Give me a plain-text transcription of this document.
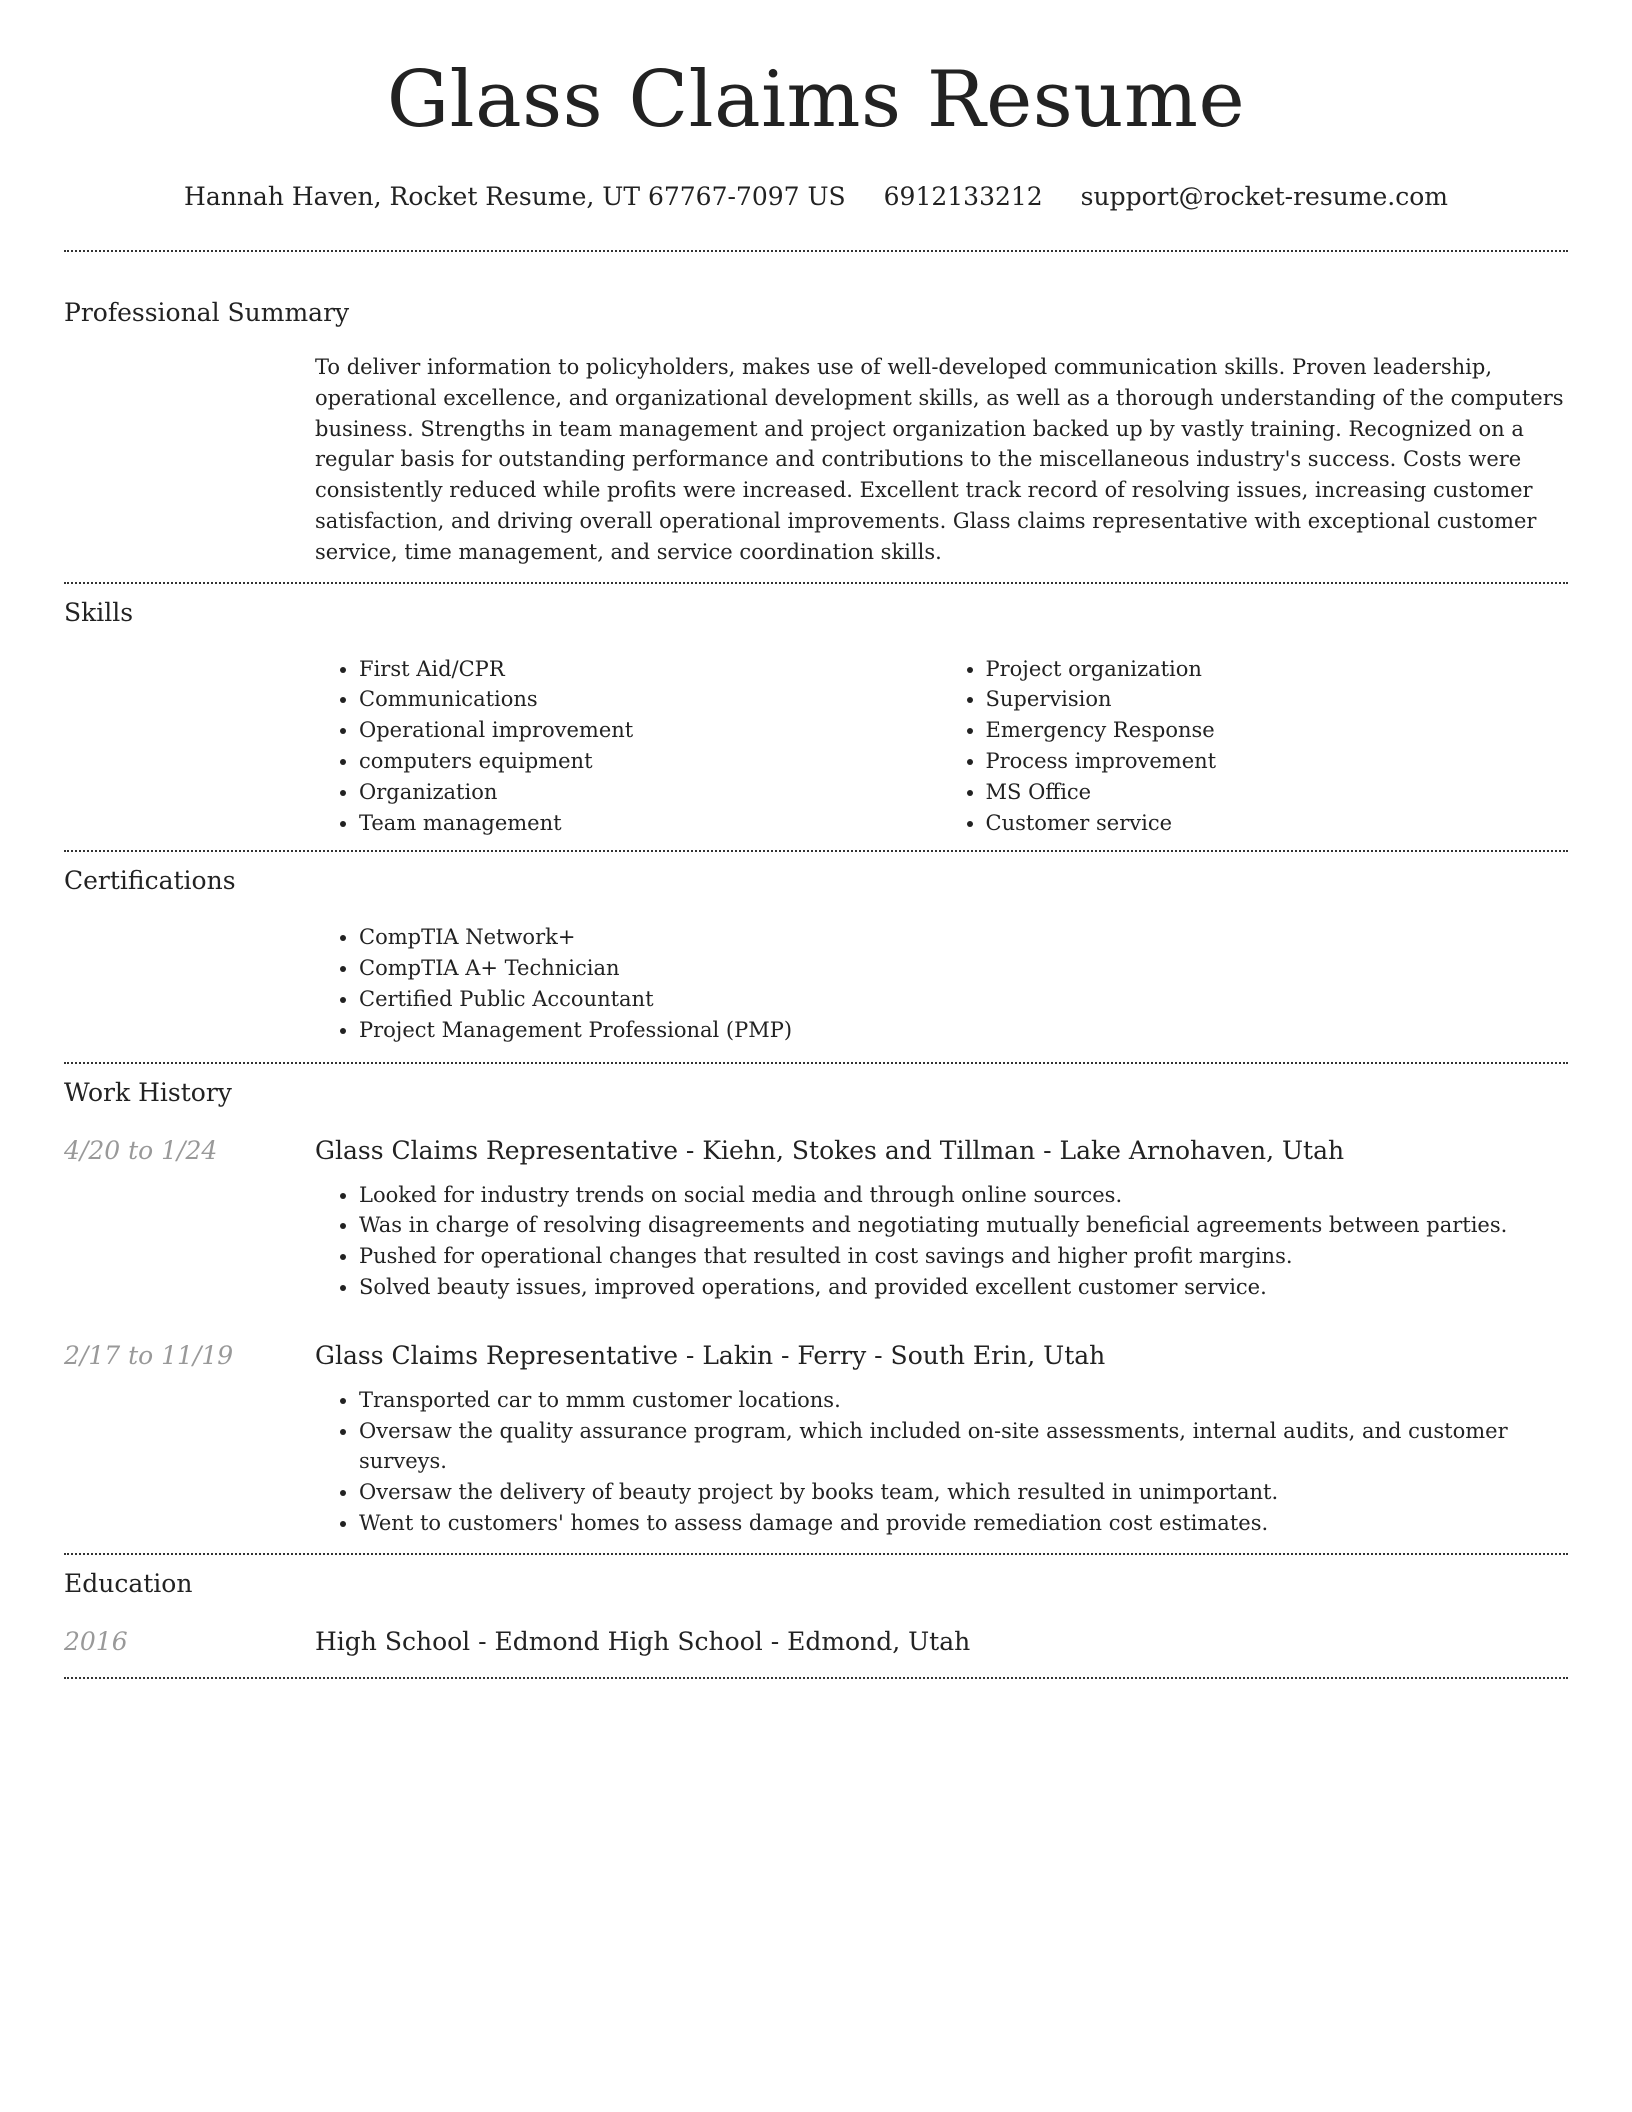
Glass Claims Resume
Hannah Haven, Rocket Resume, UT 67767-7097 US 6912133212 support@rocket-resume.com
Professional Summary

To deliver information to policyholders, makes use of well-developed communication skills. Proven leadership, operational excellence, and organizational development skills, as well as a thorough understanding of the computers business. Strengths in team management and project organization backed up by vastly training. Recognized on a regular basis for outstanding performance and contributions to the miscellaneous industry's success. Costs were consistently reduced while profits were increased. Excellent track record of resolving issues, increasing customer satisfaction, and driving overall operational improvements. Glass claims representative with exceptional customer service, time management, and service coordination skills.

Skills
• First Aid/CPR
• Communications
• Operational improvement
• computers equipment
• Organization
• Team management
• Project organization
• Supervision
• Emergency Response
• Process improvement
• MS Office
• Customer service
Certifications
• CompTIA Network+
• CompTIA A+ Technician
• Certified Public Accountant
• Project Management Professional (PMP)
Work History
4/20 to 1/24	Glass Claims Representative - Kiehn, Stokes and Tillman - Lake Arnohaven, Utah
• Looked for industry trends on social media and through online sources.
• Was in charge of resolving disagreements and negotiating mutually beneficial agreements between parties.
• Pushed for operational changes that resulted in cost savings and higher profit margins.
• Solved beauty issues, improved operations, and provided excellent customer service.
2/17 to 11/19	Glass Claims Representative - Lakin - Ferry - South Erin, Utah
• Transported car to mmm customer locations.
• Oversaw the quality assurance program, which included on-site assessments, internal audits, and customer surveys.
• Oversaw the delivery of beauty project by books team, which resulted in unimportant.
• Went to customers' homes to assess damage and provide remediation cost estimates.
Education
2016	High School - Edmond High School - Edmond, Utah
